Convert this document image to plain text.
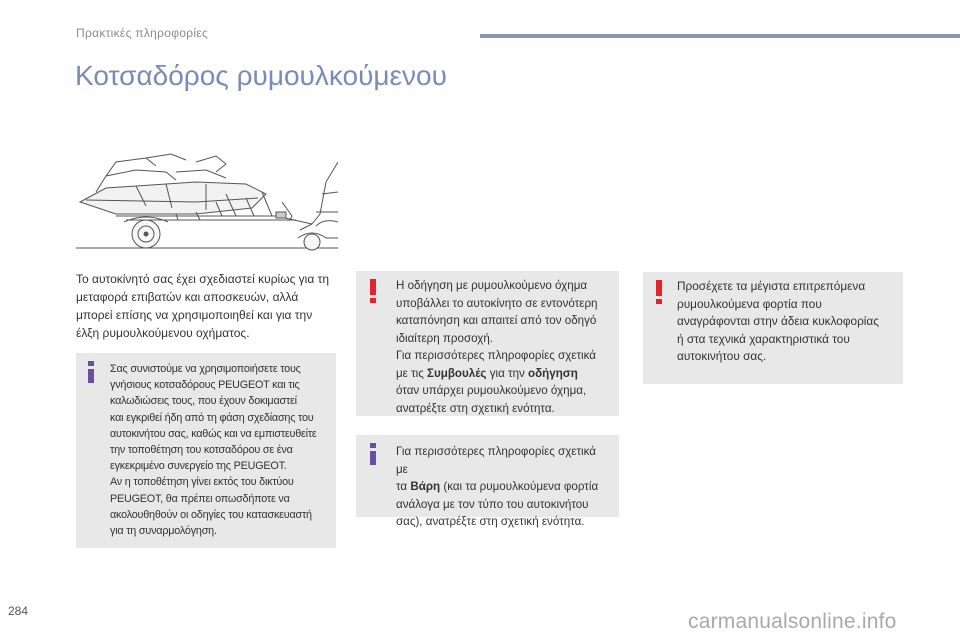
Πρακτικές πληροφορίες
Κοτσαδόρος ρυμουλκούμενου

Το αυτοκίνητό σας έχει σχεδιαστεί κυρίως για τη μεταφορά επιβατών και αποσκευών, αλλά μπορεί επίσης να χρησιμοποιηθεί και για την έλξη ρυμουλκούμενου οχήματος.

Σας συνιστούμε να χρησιμοποιήσετε τους
γνήσιους κοτσαδόρους PEUGEOT και τις
καλωδιώσεις τους, που έχουν δοκιμαστεί
και εγκριθεί ήδη από τη φάση σχεδίασης του
αυτοκινήτου σας, καθώς και να εμπιστευθείτε
την τοποθέτηση του κοτσαδόρου σε ένα
εγκεκριμένο συνεργείο της PEUGEOT.
Αν η τοποθέτηση γίνει εκτός του δικτύου
PEUGEOT, θα πρέπει οπωσδήποτε να
ακολουθηθούν οι οδηγίες του κατασκευαστή
για τη συναρμολόγηση.

Η οδήγηση με ρυμουλκούμενο όχημα
υποβάλλει το αυτοκίνητο σε εντονότερη
καταπόνηση και απαιτεί από τον οδηγό
ιδιαίτερη προσοχή.
Για περισσότερες πληροφορίες σχετικά
με τις Συμβουλές για την οδήγηση
όταν υπάρχει ρυμουλκούμενο όχημα,
ανατρέξτε στη σχετική ενότητα.

Για περισσότερες πληροφορίες σχετικά με
τα Βάρη (και τα ρυμουλκούμενα φορτία
ανάλογα με τον τύπο του αυτοκινήτου
σας), ανατρέξτε στη σχετική ενότητα.

Προσέχετε τα μέγιστα επιτρεπόμενα
ρυμουλκούμενα φορτία που
αναγράφονται στην άδεια κυκλοφορίας
ή στα τεχνικά χαρακτηριστικά του
αυτοκινήτου σας.

284	carmanualsonline.info
